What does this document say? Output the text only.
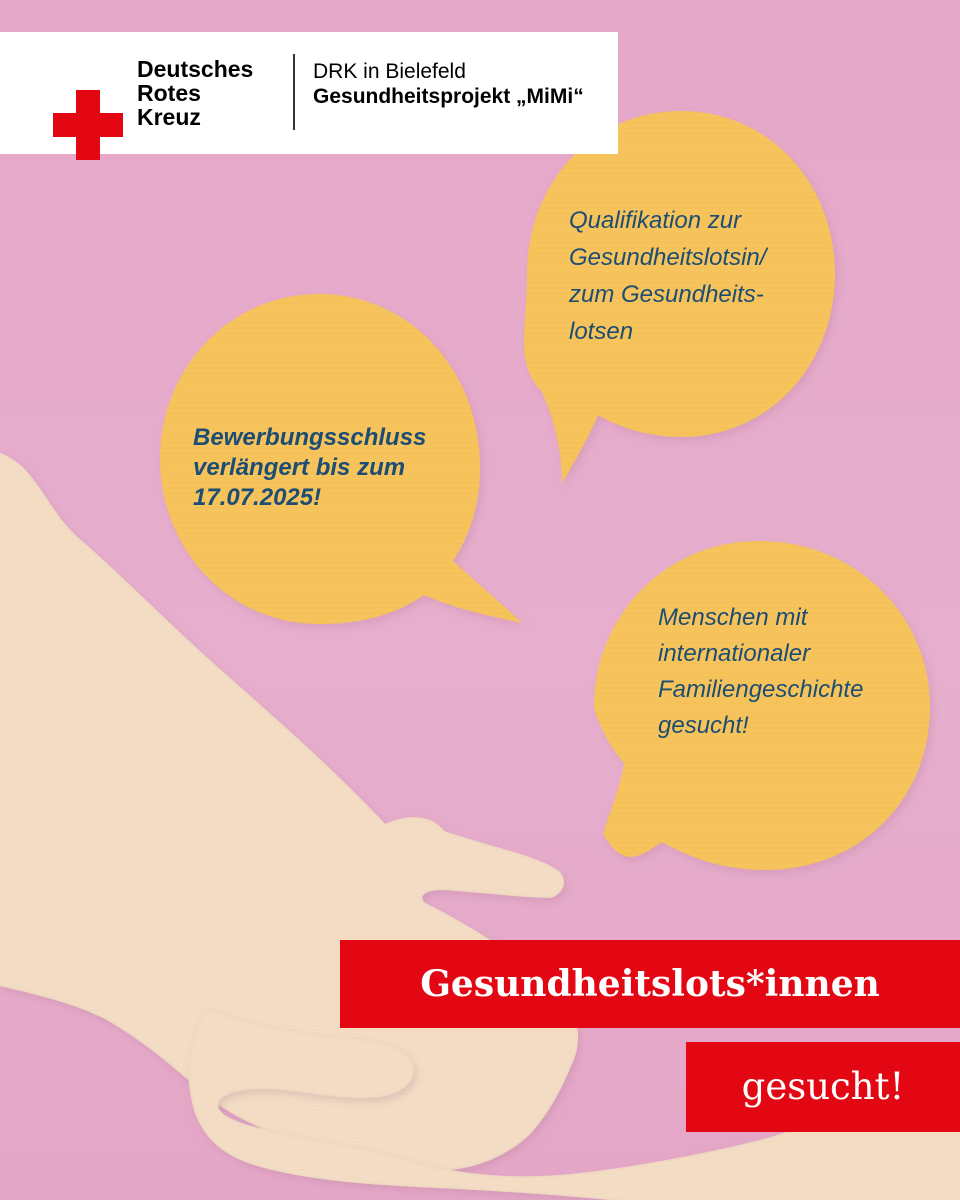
Deutsches
Rotes
Kreuz
DRK in Bielefeld
Gesundheitsprojekt „MiMi“
Qualifikation zur
Gesundheitslotsin/
zum Gesundheits-
lotsen
Bewerbungsschluss
verlängert bis zum
17.07.2025!
Menschen mit
internationaler
Familiengeschichte
gesucht!
Gesundheitslots*innen
gesucht!
